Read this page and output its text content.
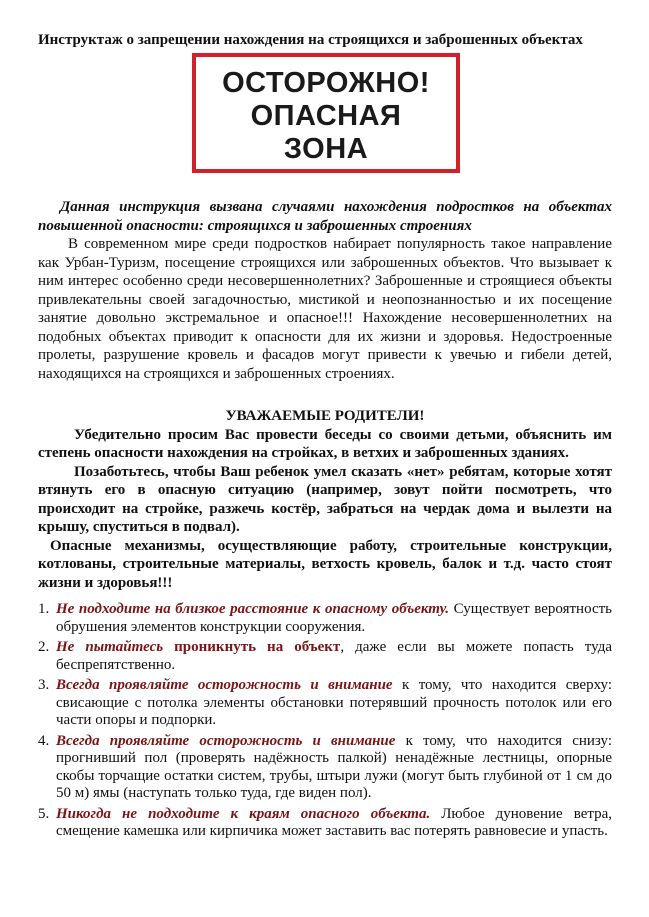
Инструктаж о запрещении нахождения на строящихся и заброшенных объектах

ОСТОРОЖНО!
ОПАСНАЯ
ЗОНА

Данная инструкция вызвана случаями нахождения подростков на объектах повышенной опасности: строящихся и заброшенных строениях

В современном мире среди подростков набирает популярность такое направление как Урбан-Туризм, посещение строящихся или заброшенных объектов. Что вызывает к ним интерес особенно среди несовершеннолетних? Заброшенные и строящиеся объекты привлекательны своей загадочностью, мистикой и неопознанностью и их посещение занятие довольно экстремальное и опасное!!! Нахождение несовершеннолетних на подобных объектах приводит к опасности для их жизни и здоровья. Недостроенные пролеты, разрушение кровель и фасадов могут привести к увечью и гибели детей, находящихся на строящихся и заброшенных строениях.

УВАЖАЕМЫЕ РОДИТЕЛИ!

Убедительно просим Вас провести беседы со своими детьми, объяснить им степень опасности нахождения на стройках, в ветхих и заброшенных зданиях.

Позаботьтесь, чтобы Ваш ребенок умел сказать «нет» ребятам, которые хотят втянуть его в опасную ситуацию (например, зовут пойти посмотреть, что происходит на стройке, разжечь костёр, забраться на чердак дома и вылезти на крышу, спуститься в подвал).

Опасные механизмы, осуществляющие работу, строительные конструкции, котлованы, строительные материалы, ветхость кровель, балок и т.д. часто стоят жизни и здоровья!!!

1. Не подходите на близкое расстояние к опасному объекту. Существует вероятность обрушения элементов конструкции сооружения.
2. Не пытайтесь проникнуть на объект, даже если вы можете попасть туда беспрепятственно.
3. Всегда проявляйте осторожность и внимание к тому, что находится сверху: свисающие с потолка элементы обстановки потерявший прочность потолок или его части опоры и подпорки.
4. Всегда проявляйте осторожность и внимание к тому, что находится снизу: прогнивший пол (проверять надёжность палкой) ненадёжные лестницы, опорные скобы торчащие остатки систем, трубы, штыри лужи (могут быть глубиной от 1 см до 50 м) ямы (наступать только туда, где виден пол).
5. Никогда не подходите к краям опасного объекта. Любое дуновение ветра, смещение камешка или кирпичика может заставить вас потерять равновесие и упасть.
